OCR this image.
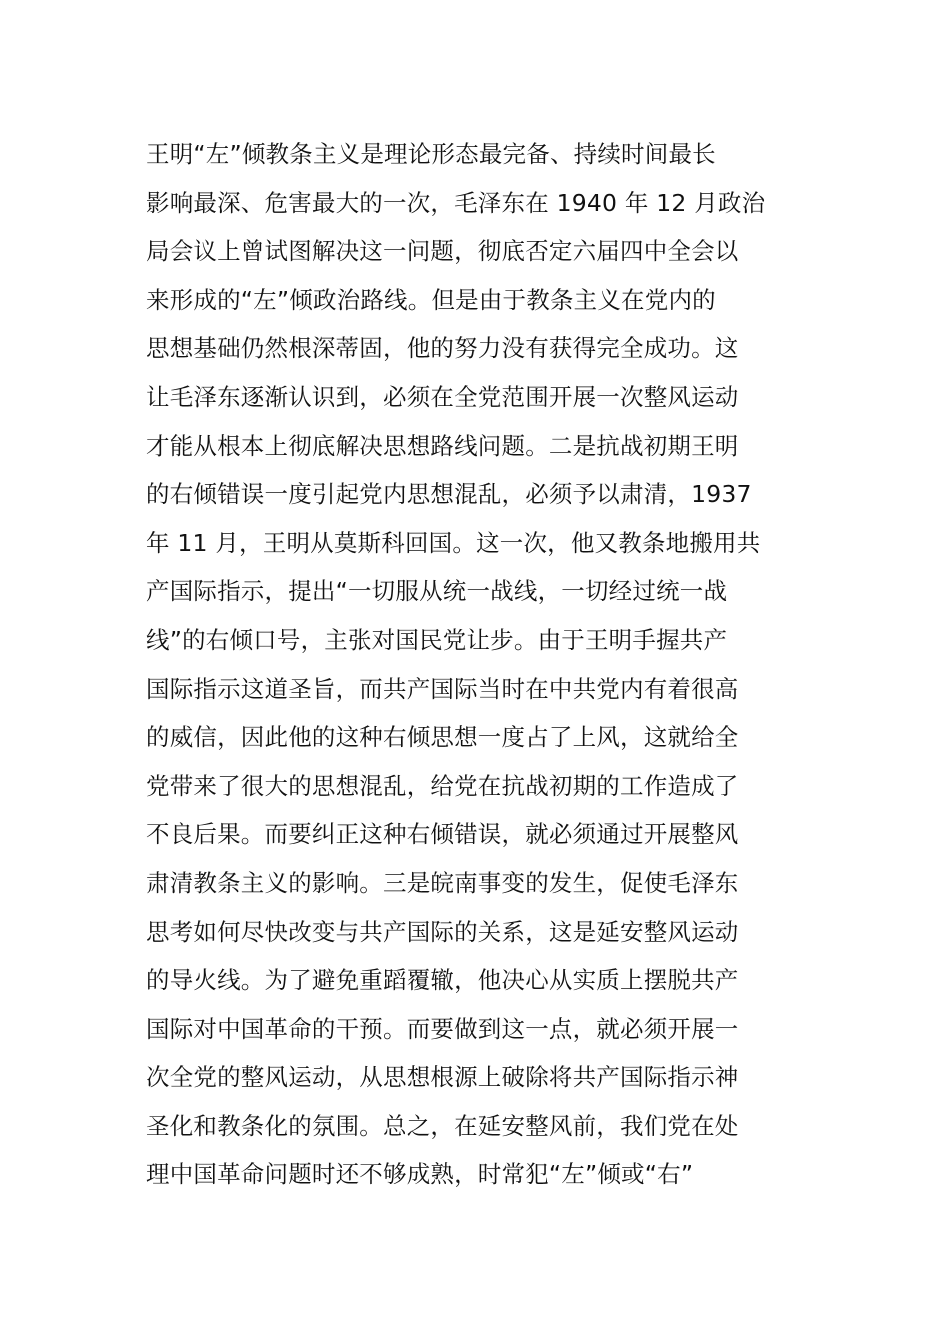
王明“左”倾教条主义是理论形态最完备、持续时间最长
影响最深、危害最大的一次，毛泽东在 1940 年 12 月政治
局会议上曾试图解决这一问题，彻底否定六届四中全会以
来形成的“左”倾政治路线。但是由于教条主义在党内的
思想基础仍然根深蒂固，他的努力没有获得完全成功。这
让毛泽东逐渐认识到，必须在全党范围开展一次整风运动
才能从根本上彻底解决思想路线问题。二是抗战初期王明
的右倾错误一度引起党内思想混乱，必须予以肃清，1937
年 11 月，王明从莫斯科回国。这一次，他又教条地搬用共
产国际指示，提出“一切服从统一战线，一切经过统一战
线”的右倾口号，主张对国民党让步。由于王明手握共产
国际指示这道圣旨，而共产国际当时在中共党内有着很高
的威信，因此他的这种右倾思想一度占了上风，这就给全
党带来了很大的思想混乱，给党在抗战初期的工作造成了
不良后果。而要纠正这种右倾错误，就必须通过开展整风
肃清教条主义的影响。三是皖南事变的发生，促使毛泽东
思考如何尽快改变与共产国际的关系，这是延安整风运动
的导火线。为了避免重蹈覆辙，他决心从实质上摆脱共产
国际对中国革命的干预。而要做到这一点，就必须开展一
次全党的整风运动，从思想根源上破除将共产国际指示神
圣化和教条化的氛围。总之，在延安整风前，我们党在处
理中国革命问题时还不够成熟，时常犯“左”倾或“右”
